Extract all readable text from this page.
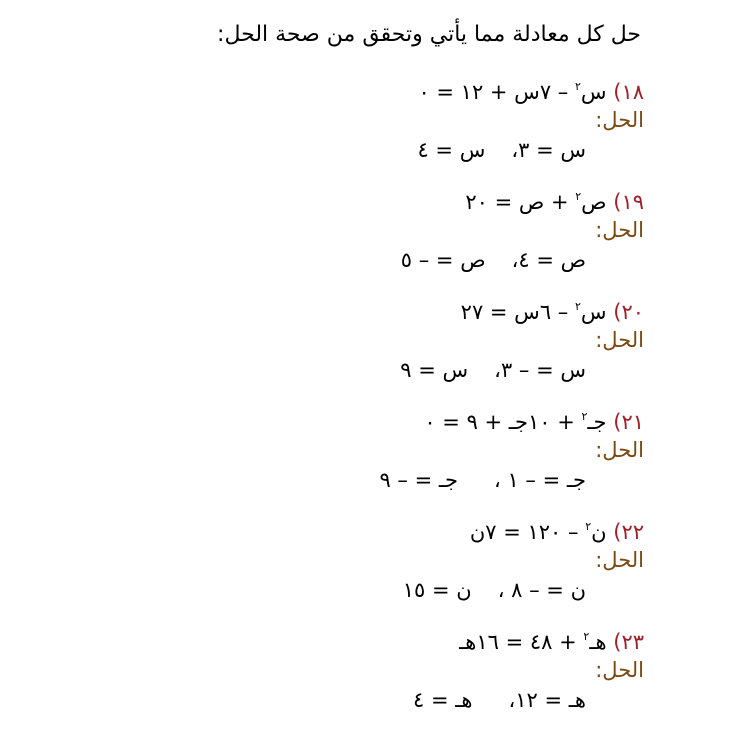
حل كل معادلة مما يأتي وتحقق من صحة الحل:
١٨) س$^٢$ – ٧س + ١٢ = ٠
الحل:
س = ٣،س = ٤
١٩) ص$^٢$ + ص = ٢٠
الحل:
ص = ٤،ص = – ٥
٢٠) س$^٢$ – ٦س = ٢٧
الحل:
س = – ٣،س = ٩
٢١) جـ$^٢$ + ١٠جـ + ٩ = ٠
الحل:
جـ = – ١ ،جـ = – ٩
٢٢) ن$^٢$ – ١٢٠ = ٧ن
الحل:
ن = – ٨ ،ن = ١٥
٢٣) هـ$^٢$ + ٤٨ = ١٦هـ
الحل:
هـ = ١٢،هـ = ٤
